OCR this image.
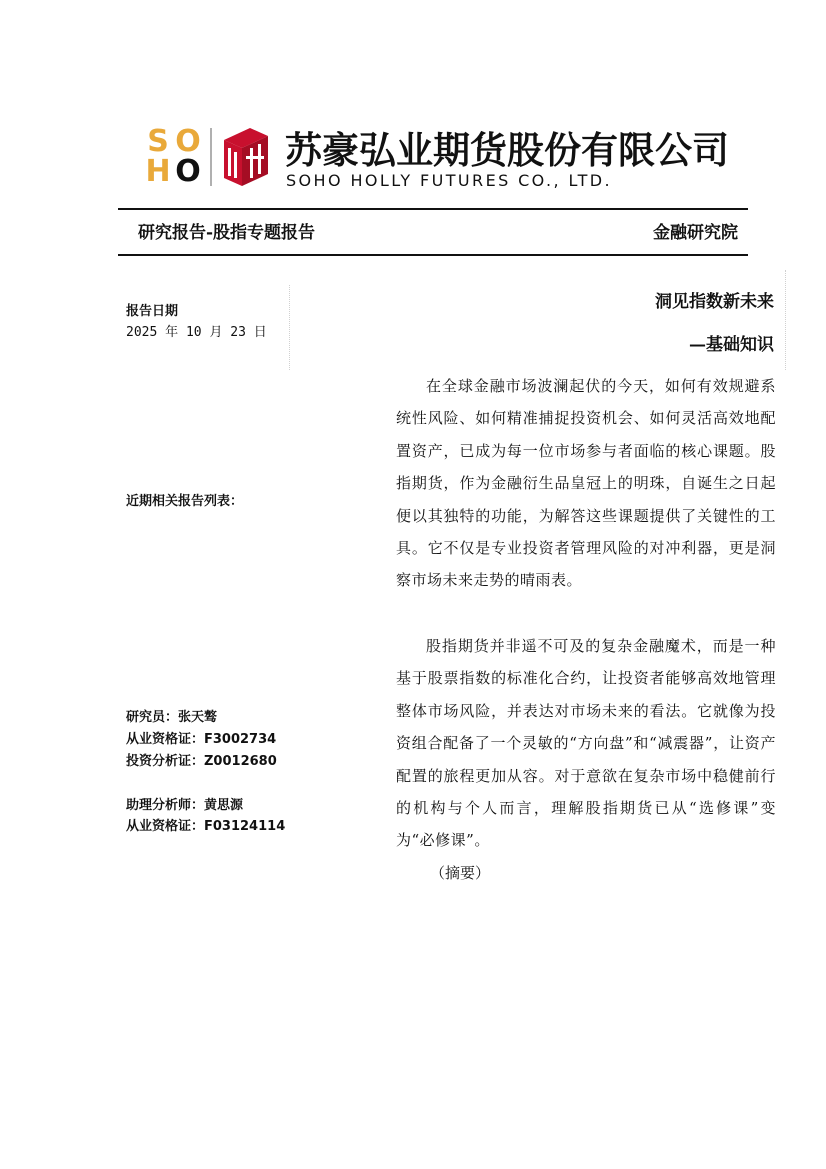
S O
H O 苏豪弘业期货股份有限公司
SOHO HOLLY FUTURES CO., LTD.
研究报告-股指专题报告	金融研究院
报告日期
2025 年 10 月 23 日
近期相关报告列表：
研究员：张天骜
从业资格证：F3002734
投资分析证：Z0012680
助理分析师：黄思源
从业资格证：F03124114
洞见指数新未来
—基础知识

在全球金融市场波澜起伏的今天，如何有效规避系统性风险、如何精准捕捉投资机会、如何灵活高效地配置资产，已成为每一位市场参与者面临的核心课题。股指期货，作为金融衍生品皇冠上的明珠，自诞生之日起便以其独特的功能，为解答这些课题提供了关键性的工具。它不仅是专业投资者管理风险的对冲利器，更是洞察市场未来走势的晴雨表。

股指期货并非遥不可及的复杂金融魔术，而是一种基于股票指数的标准化合约，让投资者能够高效地管理整体市场风险，并表达对市场未来的看法。它就像为投资组合配备了一个灵敏的“方向盘”和“减震器”，让资产配置的旅程更加从容。对于意欲在复杂市场中稳健前行的机构与个人而言，理解股指期货已从“选修课”变为“必修课”。

（摘要）
